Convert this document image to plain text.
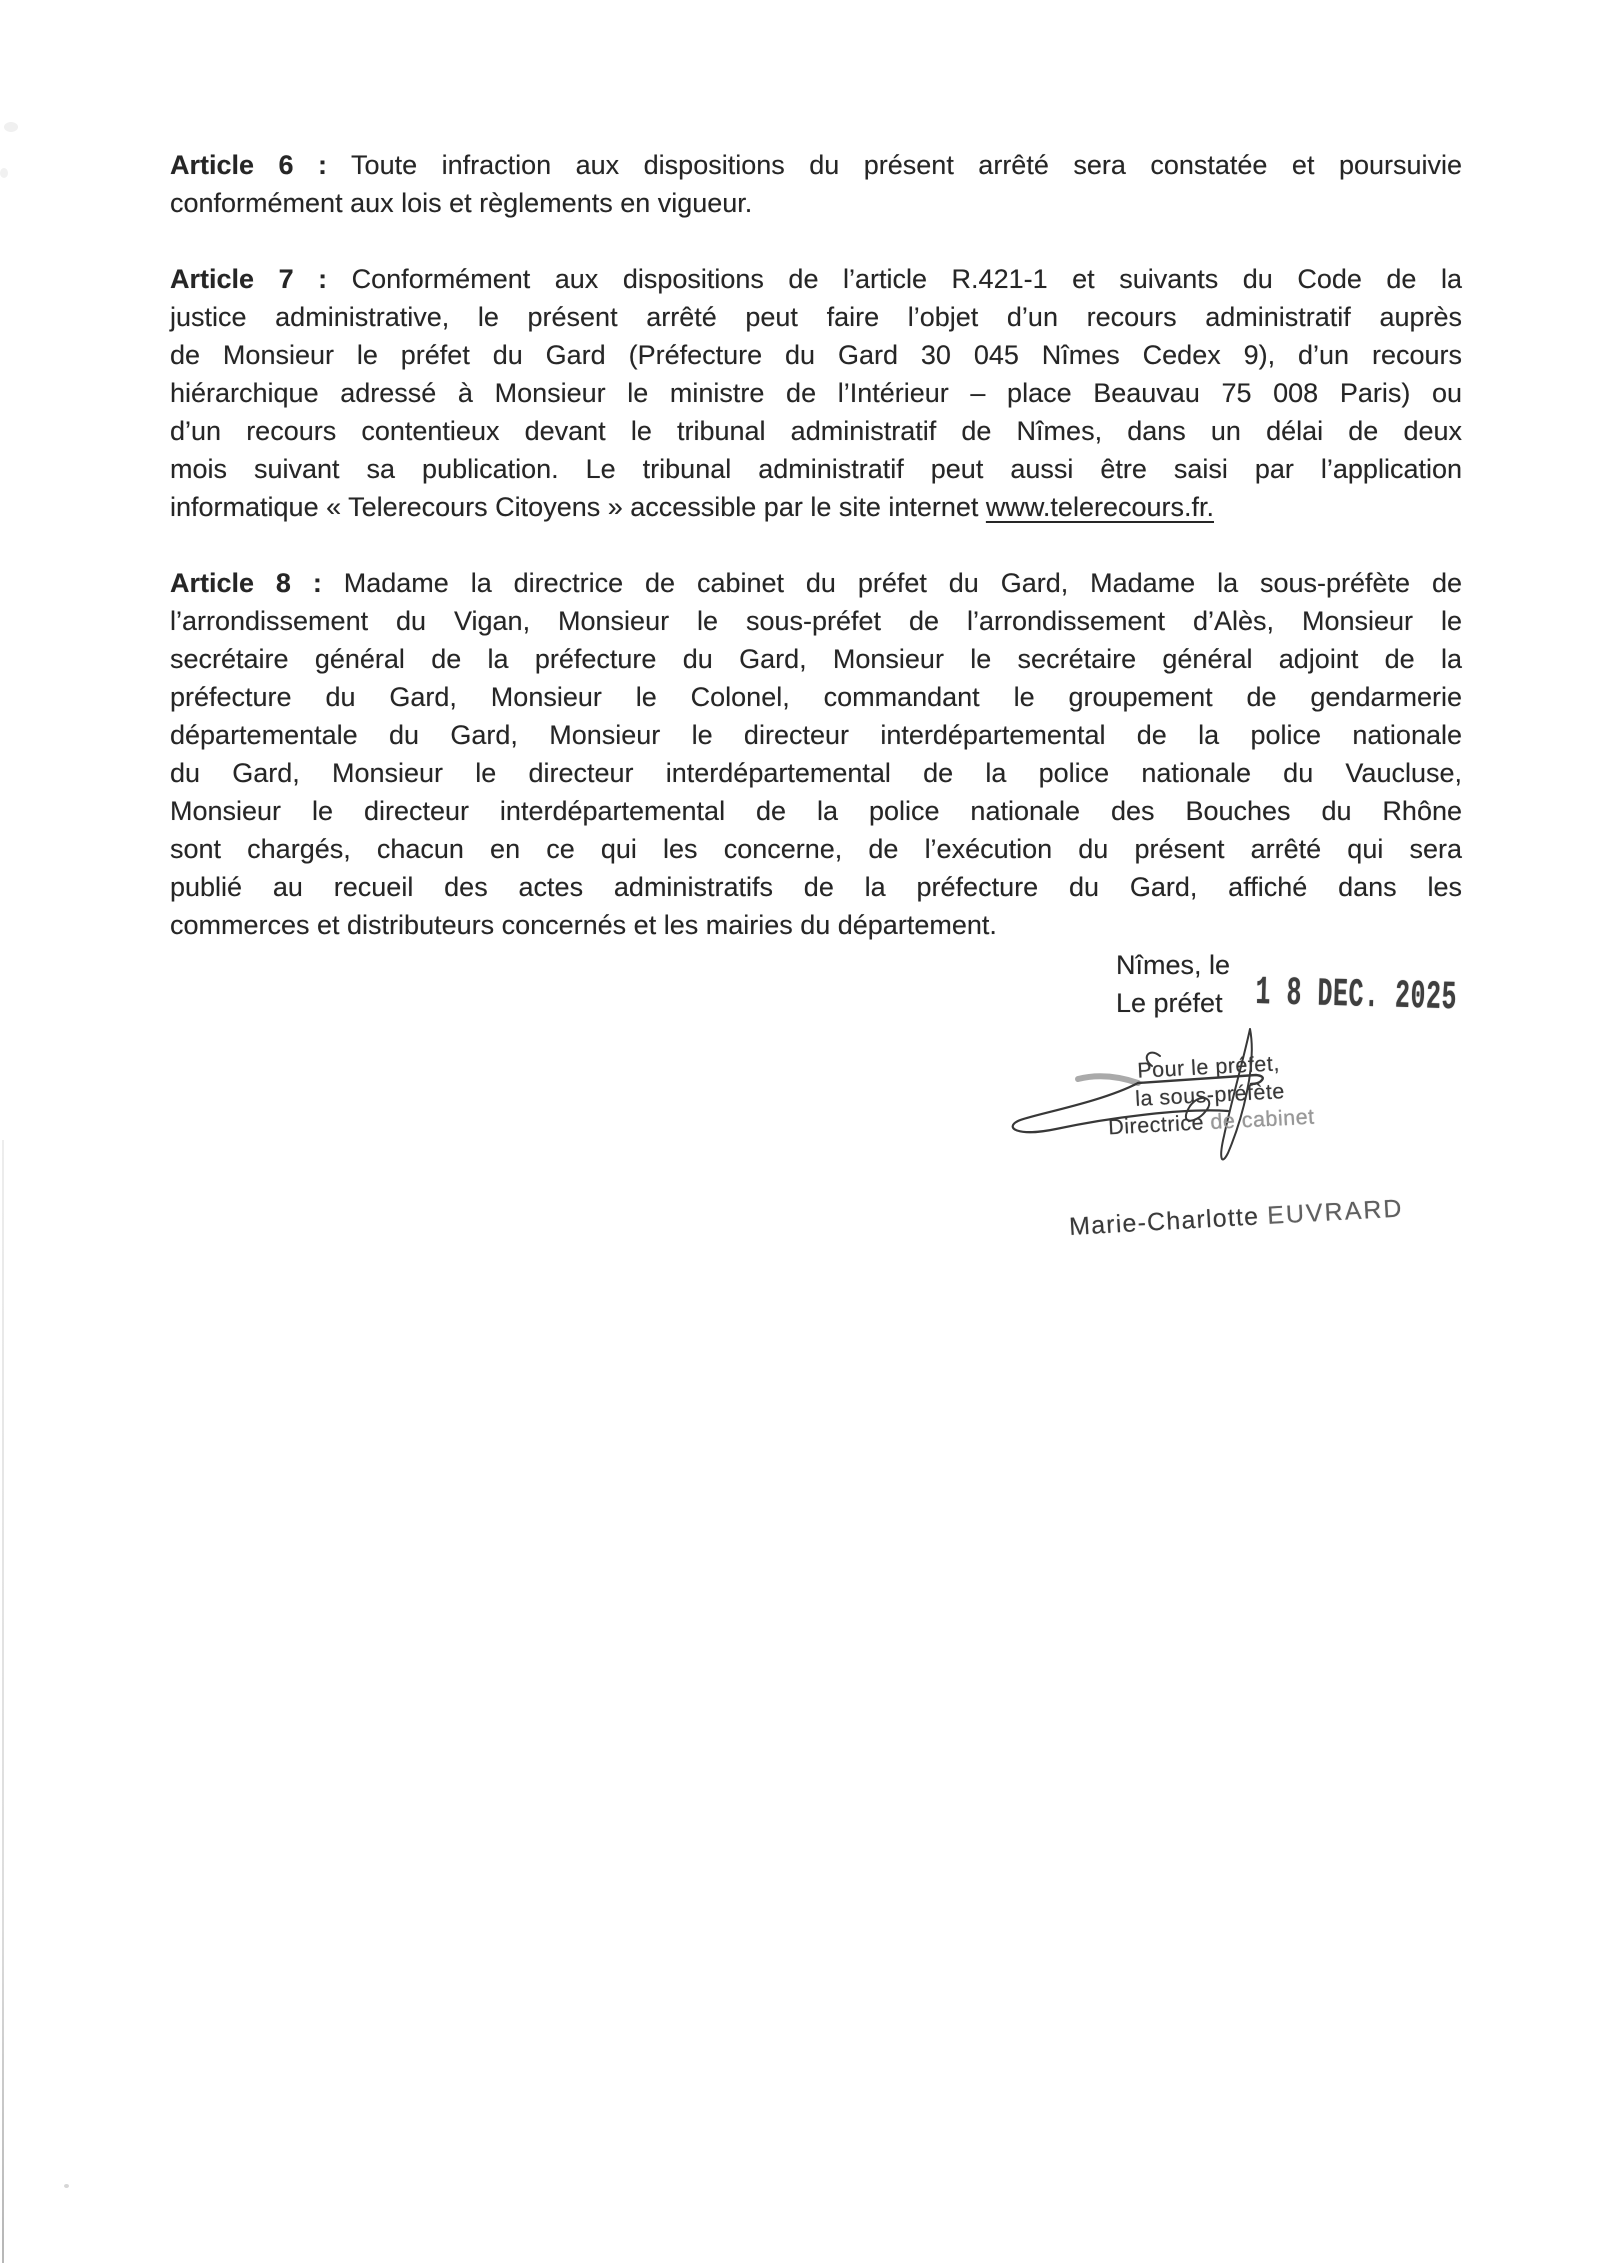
Article 6 : Toute infraction aux dispositions du présent arrêté sera constatée et poursuivie
conformément aux lois et règlements en vigueur.
Article 7 : Conformément aux dispositions de l’article R.421-1 et suivants du Code de la
justice administrative, le présent arrêté peut faire l’objet d’un recours administratif auprès
de Monsieur le préfet du Gard (Préfecture du Gard 30 045 Nîmes Cedex 9), d’un recours
hiérarchique adressé à Monsieur le ministre de l’Intérieur – place Beauvau 75 008 Paris) ou
d’un recours contentieux devant le tribunal administratif de Nîmes, dans un délai de deux
mois suivant sa publication. Le tribunal administratif peut aussi être saisi par l’application
informatique « Telerecours Citoyens » accessible par le site internet www.telerecours.fr.
Article 8 : Madame la directrice de cabinet du préfet du Gard, Madame la sous-préfète de
l’arrondissement du Vigan, Monsieur le sous-préfet de l’arrondissement d’Alès, Monsieur le
secrétaire général de la préfecture du Gard, Monsieur le secrétaire général adjoint de la
préfecture du Gard, Monsieur le Colonel, commandant le groupement de gendarmerie
départementale du Gard, Monsieur le directeur interdépartemental de la police nationale
du Gard, Monsieur le directeur interdépartemental de la police nationale du Vaucluse,
Monsieur le directeur interdépartemental de la police nationale des Bouches du Rhône
sont chargés, chacun en ce qui les concerne, de l’exécution du présent arrêté qui sera
publié au recueil des actes administratifs de la préfecture du Gard, affiché dans les
commerces et distributeurs concernés et les mairies du département.
Nîmes, le
Le préfet 1 8 DEC. 2025
Pour le préfet,
la sous-préfète
Directrice de cabinet
Marie-Charlotte EUVRARD
